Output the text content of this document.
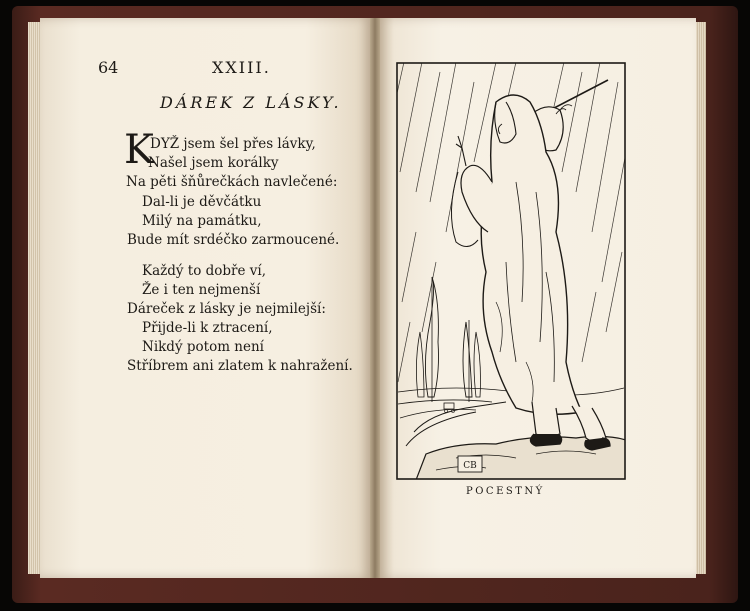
64	XXIII.
DÁREK Z LÁSKY.
K
DYŽ jsem šel přes lávky,
Našel jsem korálky
Na pěti šňůrečkách navlečené:
Dal-li je děvčátku
Milý na památku,
Bude mít srdéčko zarmoucené.
Každý to dobře ví,
Že i ten nejmenší
Dáreček z lásky je nejmilejší:
Přijde-li k ztracení,
Nikdý potom není
Stříbrem ani zlatem k nahražení.
CB
POCESTNÝ
